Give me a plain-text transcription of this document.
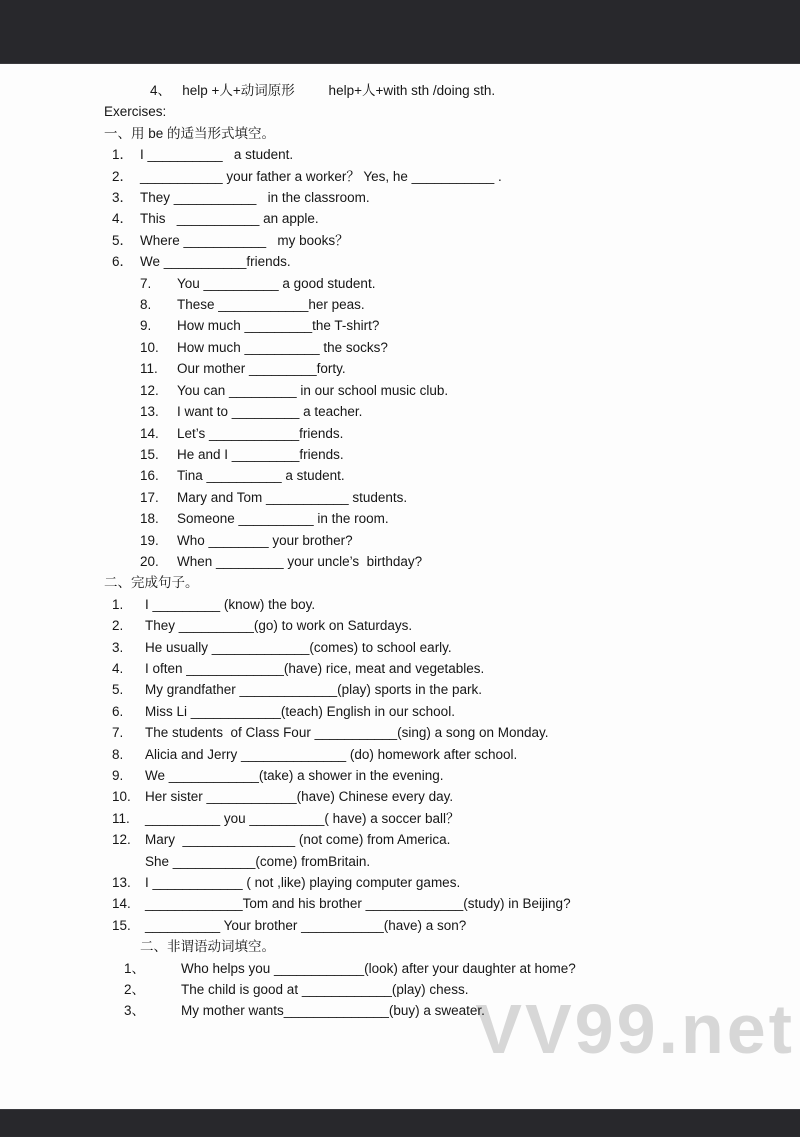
VV99.net
4、   help +人+动词原形         help+人+with sth /doing sth.
Exercises:
一、用 be 的适当形式填空。
1． I __________   a student.
2． ___________ your father a worker？ Yes, he ___________ .
3． They ___________   in the classroom.
4． This   ___________ an apple.
5． Where ___________   my books？
6． We ___________friends.
7. You __________ a good student.
8. These ____________her peas.
9. How much _________the T-shirt?
10. How much __________ the socks?
11. Our mother _________forty.
12. You can _________ in our school music club.
13. I want to _________ a teacher.
14. Let’s ____________friends.
15. He and I _________friends.
16. Tina __________ a student.
17. Mary and Tom ___________ students.
18. Someone __________ in the room.
19. Who ________ your brother?
20. When _________ your uncle’s  birthday?
二、完成句子。
1. I _________ (know) the boy.
2. They __________(go) to work on Saturdays.
3. He usually _____________(comes) to school early.
4. I often _____________(have) rice, meat and vegetables.
5. My grandfather _____________(play) sports in the park.
6. Miss Li ____________(teach) English in our school.
7. The students  of Class Four ___________(sing) a song on Monday.
8. Alicia and Jerry ______________ (do) homework after school.
9. We ____________(take) a shower in the evening.
10. Her sister ____________(have) Chinese every day.
11. __________ you __________( have) a soccer ball？
12. Mary  _______________ (not come) from America.
She ___________(come) fromBritain.
13. I ____________ ( not ,like) playing computer games.
14. _____________Tom and his brother _____________(study) in Beijing?
15. __________ Your brother ___________(have) a son?
二、非谓语动词填空。
1、	Who helps you ____________(look) after your daughter at home?
2、	The child is good at ____________(play) chess.
3、	My mother wants______________(buy) a sweater.
